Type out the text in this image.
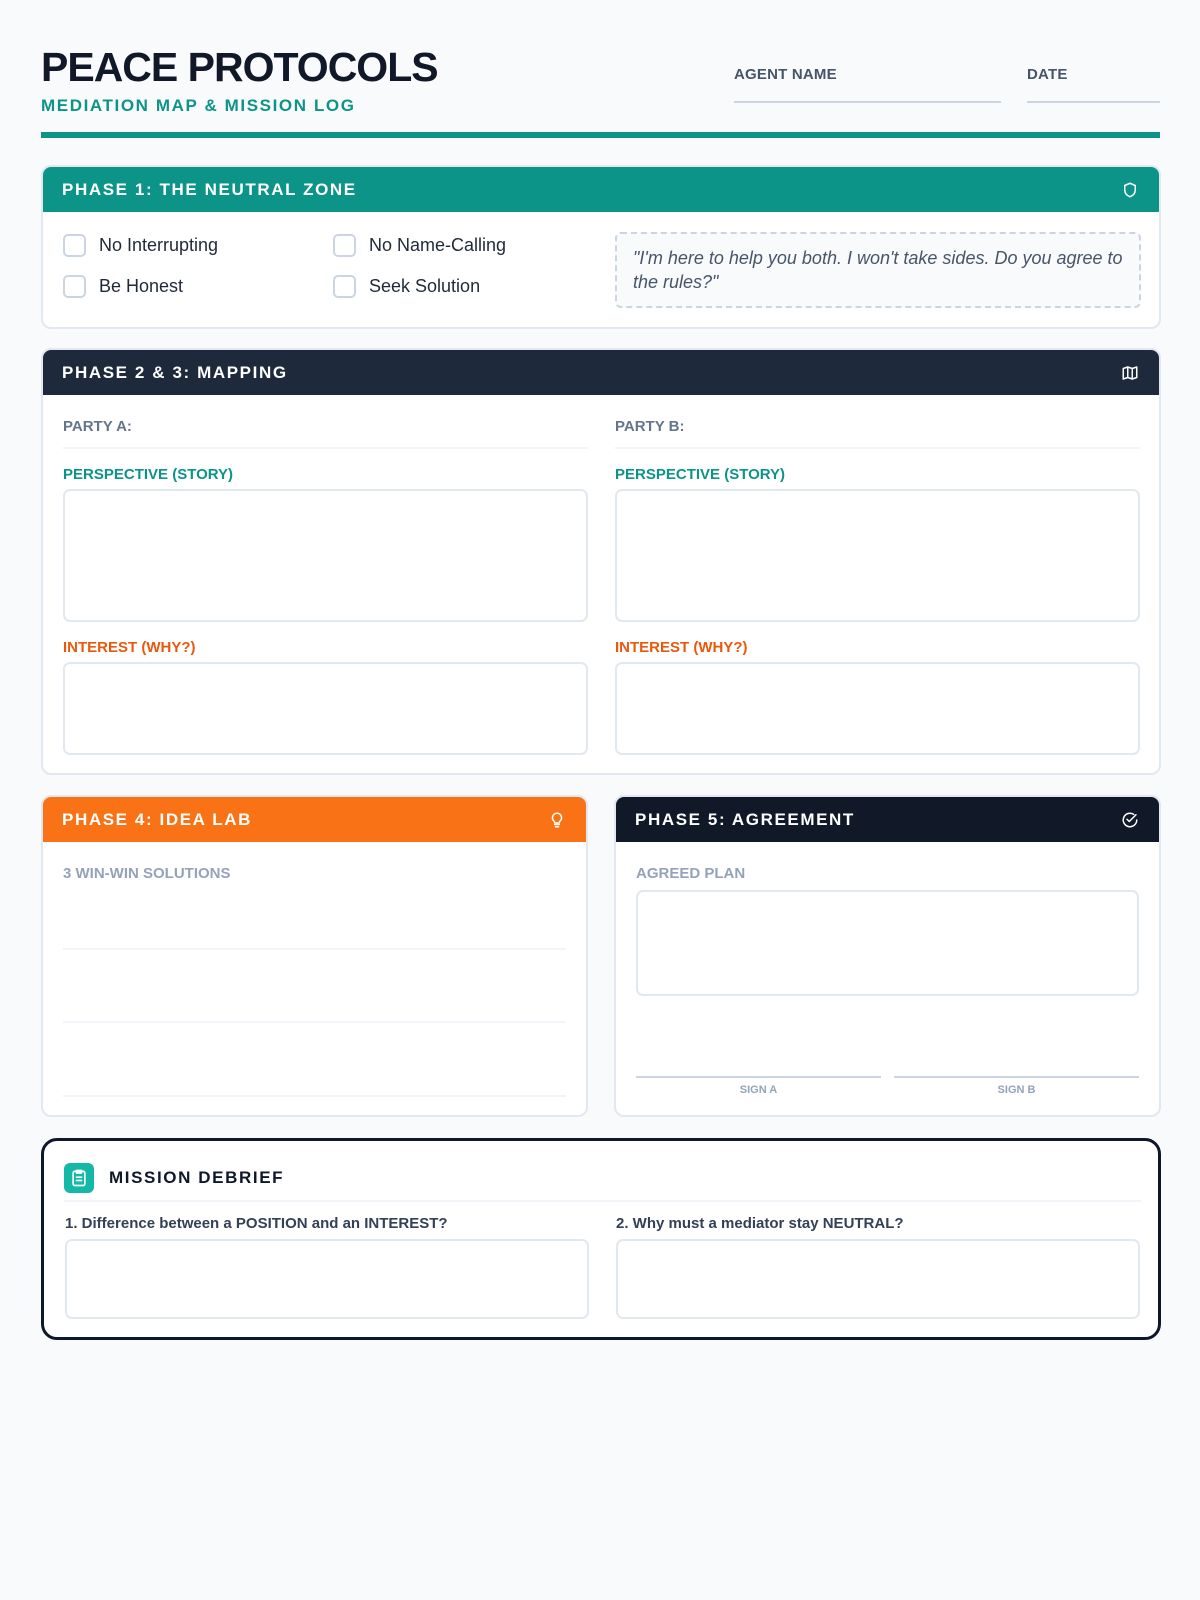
PEACE PROTOCOLS
MEDIATION MAP & MISSION LOG
AGENT NAME	DATE
PHASE 1: THE NEUTRAL ZONE
No Interrupting	No Name-Calling
Be Honest	Seek Solution
"I'm here to help you both. I won't take sides. Do you agree to the rules?"
PHASE 2 & 3: MAPPING
PARTY A:
PERSPECTIVE (STORY)
INTEREST (WHY?)
PARTY B:
PERSPECTIVE (STORY)
INTEREST (WHY?)
PHASE 4: IDEA LAB
3 WIN-WIN SOLUTIONS
PHASE 5: AGREEMENT
AGREED PLAN
SIGN A	SIGN B
MISSION DEBRIEF
1. Difference between a POSITION and an INTEREST?	2. Why must a mediator stay NEUTRAL?
